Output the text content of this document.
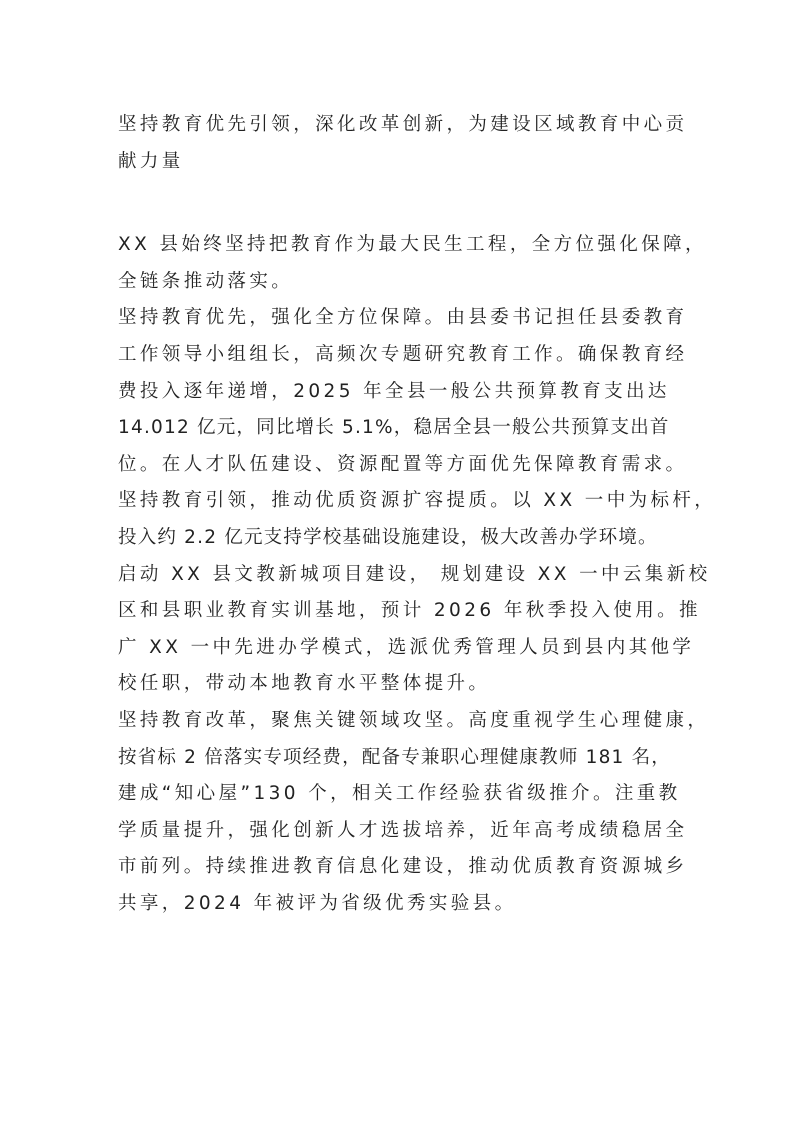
坚持教育优先引领，深化改革创新，为建设区域教育中心贡
献力量
XX 县始终坚持把教育作为最大民生工程，全方位强化保障，
全链条推动落实。
坚持教育优先，强化全方位保障。由县委书记担任县委教育
工作领导小组组长，高频次专题研究教育工作。确保教育经
费投入逐年递增，2025 年全县一般公共预算教育支出达
14.012 亿元，同比增长 5.1%，稳居全县一般公共预算支出首
位。在人才队伍建设、资源配置等方面优先保障教育需求。
坚持教育引领，推动优质资源扩容提质。以 XX 一中为标杆，
投入约 2.2 亿元支持学校基础设施建设，极大改善办学环境。
启动 XX 县文教新城项目建设， 规划建设 XX 一中云集新校
区和县职业教育实训基地，预计 2026 年秋季投入使用。推
广 XX 一中先进办学模式，选派优秀管理人员到县内其他学
校任职，带动本地教育水平整体提升。
坚持教育改革，聚焦关键领域攻坚。高度重视学生心理健康，
按省标 2 倍落实专项经费，配备专兼职心理健康教师 181 名，
建成“知心屋”130 个，相关工作经验获省级推介。注重教
学质量提升，强化创新人才选拔培养，近年高考成绩稳居全
市前列。持续推进教育信息化建设，推动优质教育资源城乡
共享，2024 年被评为省级优秀实验县。
